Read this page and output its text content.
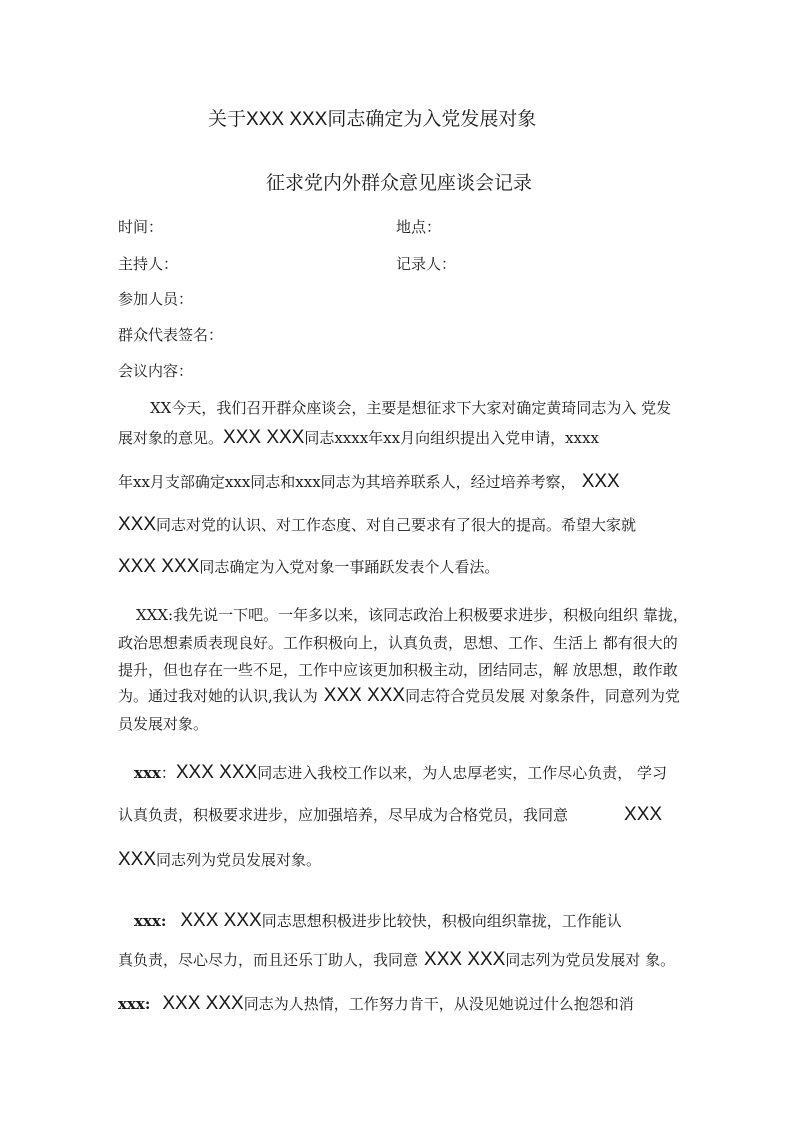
关于XXX XXX同志确定为入党发展对象
征求党内外群众意见座谈会记录
时间：	地点：
主持人：	记录人：
参加人员：
群众代表签名：
会议内容：
XX今天，我们召开群众座谈会，主要是想征求下大家对确定黄琦同志为入 党发
展对象的意见。XXX XXX同志xxxx年xx月向组织提出入党申请，xxxx
年xx月支部确定xxx同志和xxx同志为其培养联系人，经过培养考察， XXX
XXX同志对党的认识、对工作态度、对自己要求有了很大的提高。希望大家就
XXX XXX同志确定为入党对象一事踊跃发表个人看法。
XXX:我先说一下吧。一年多以来，该同志政治上积极要求进步，积极向组织 靠拢，
政治思想素质表现良好。工作积极向上，认真负责，思想、工作、生活上 都有很大的
提升，但也存在一些不足，工作中应该更加积极主动，团结同志，解 放思想，敢作敢
为。通过我对她的认识,我认为 XXX XXX同志符合党员发展 对象条件，同意列为党
员发展对象。
xxx：XXX XXX同志进入我校工作以来，为人忠厚老实，工作尽心负责， 学习
认真负责，积极要求进步，应加强培养，尽早成为合格党员，我同意	XXX
XXX同志列为党员发展对象。
xxx: XXX XXX同志思想积极进步比较快，积极向组织靠拢，工作能认
真负责，尽心尽力，而且还乐丁助人，我同意 XXX XXX同志列为党员发展对 象。
xxx: XXX XXX同志为人热情，工作努力肯干，从没见她说过什么抱怨和消
